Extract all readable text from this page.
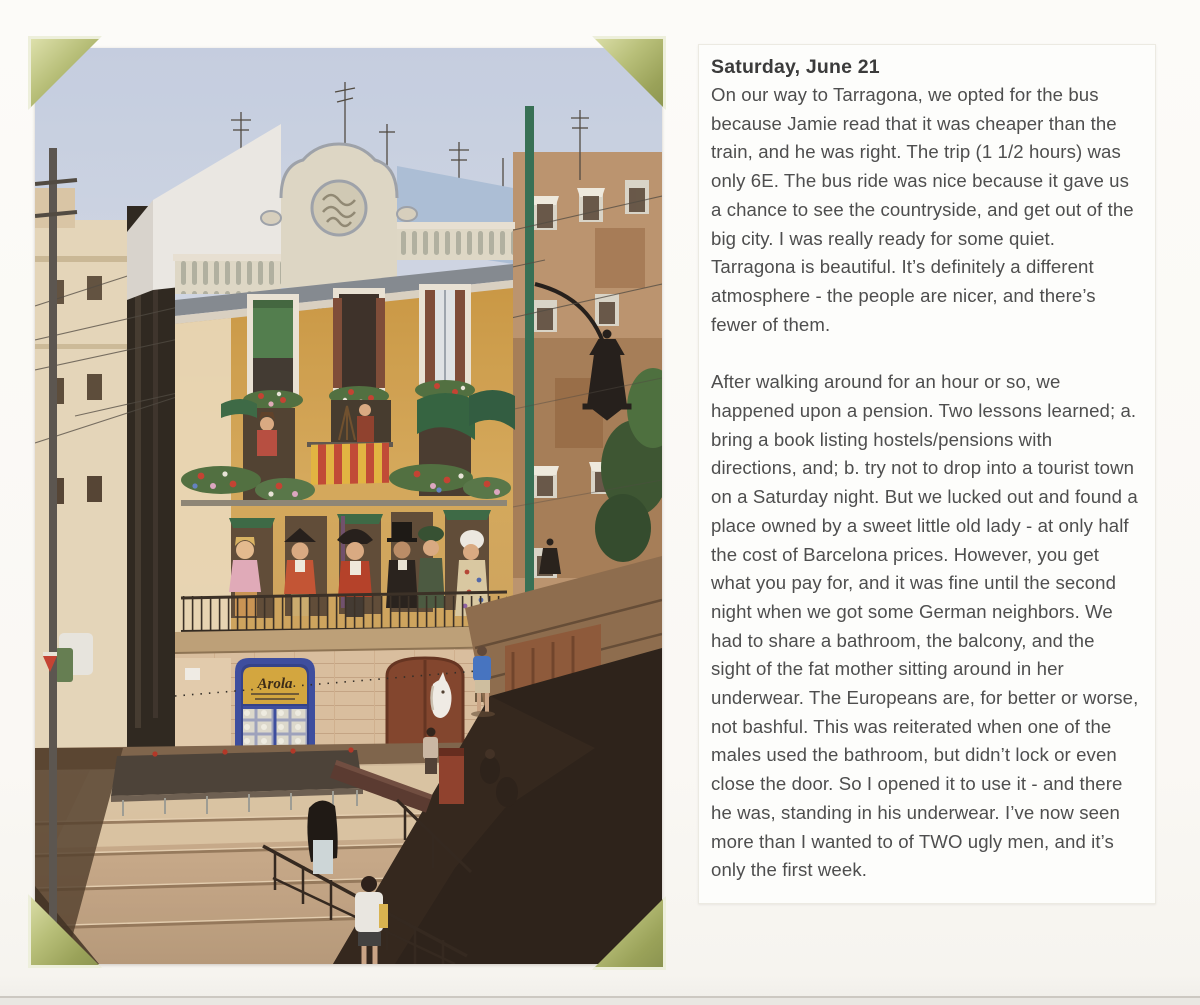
Arola
Saturday, June 21

On our way to Tarragona, we opted for the bus because Jamie read that it was cheaper than the train, and he was right. The trip (1 1/2 hours) was only 6E. The bus ride was nice because it gave us a chance to see the countryside, and get out of the big city. I was really ready for some quiet. Tarragona is beautiful. It’s definitely a different atmosphere - the people are nicer, and there’s fewer of them.

After walking around for an hour or so, we happened upon a pension. Two lessons learned; a. bring a book listing hostels/pensions with directions, and; b. try not to drop into a tourist town on a Saturday night. But we lucked out and found a place owned by a sweet little old lady - at only half the cost of Barcelona prices. However, you get what you pay for, and it was fine until the second night when we got some German neighbors. We had to share a bathroom, the balcony, and the sight of the fat mother sitting around in her underwear. The Europeans are, for better or worse, not bashful. This was reiterated when one of the males used the bathroom, but didn’t lock or even close the door. So I opened it to use it - and there he was, standing in his underwear. I’ve now seen more than I wanted to of TWO ugly men, and it’s only the first week.
